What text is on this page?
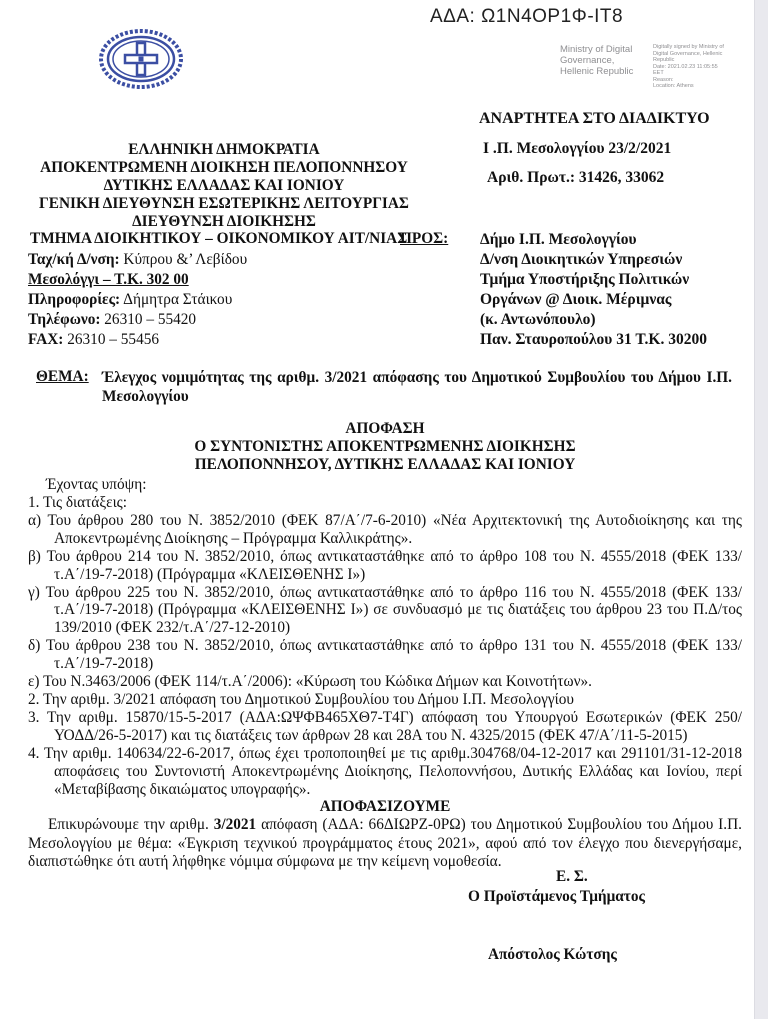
ΑΔΑ: Ω1Ν4ΟΡ1Φ-ΙΤ8
Ministry of Digital
Governance,
Hellenic Republic
Digitally signed by Ministry of
Digital Governance, Hellenic
Republic
Date: 2021.02.23 11:05:55
EET
Reason:
Location: Athens
ΑΝΑΡΤΗΤΕΑ ΣΤΟ ΔΙΑΔΙΚΤΥΟ
Ι .Π. Μεσολογγίου 23/2/2021
Αριθ. Πρωτ.: 31426, 33062
ΕΛΛΗΝΙΚΗ ΔΗΜΟΚΡΑΤΙΑ
ΑΠΟΚΕΝΤΡΩΜΕΝΗ ΔΙΟΙΚΗΣΗ ΠΕΛΟΠΟΝΝΗΣΟΥ
ΔΥΤΙΚΗΣ ΕΛΛΑΔΑΣ ΚΑΙ ΙΟΝΙΟΥ
ΓΕΝΙΚΗ ΔΙΕΥΘΥΝΣΗ ΕΣΩΤΕΡΙΚΗΣ ΛΕΙΤΟΥΡΓΙΑΣ
ΔΙΕΥΘΥΝΣΗ ΔΙΟΙΚΗΣΗΣ
ΤΜΗΜΑ ΔΙΟΙΚΗΤΙΚΟΥ – ΟΙΚΟΝΟΜΙΚΟΥ ΑΙΤ/ΝΙΑΣ
ΠΡΟΣ:
Ταχ/κή Δ/νση: Κύπρου &’ Λεβίδου
Μεσολόγγι – Τ.Κ. 302 00
Πληροφορίες: Δήμητρα Στάικου
Τηλέφωνο: 26310 – 55420
FAX: 26310 – 55456
Δήμο Ι.Π. Μεσολογγίου
Δ/νση Διοικητικών Υπηρεσιών
Τμήμα Υποστήριξης Πολιτικών
Οργάνων @ Διοικ. Μέριμνας
(κ. Αντωνόπουλο)
Παν. Σταυροπούλου 31 Τ.Κ. 30200
ΘΕΜΑ: Έλεγχος νομιμότητας της αριθμ. 3/2021 απόφασης του Δημοτικού Συμβουλίου του Δήμου Ι.Π. Μεσολογγίου
ΑΠΟΦΑΣΗ
Ο ΣΥΝΤΟΝΙΣΤΗΣ ΑΠΟΚΕΝΤΡΩΜΕΝΗΣ ΔΙΟΙΚΗΣΗΣ
ΠΕΛΟΠΟΝΝΗΣΟΥ, ΔΥΤΙΚΗΣ ΕΛΛΑΔΑΣ ΚΑΙ ΙΟΝΙΟΥ
Έχοντας υπόψη:
1. Τις διατάξεις:
α) Του άρθρου 280 του Ν. 3852/2010 (ΦΕΚ 87/Α΄/7-6-2010) «Νέα Αρχιτεκτονική της Αυτοδιοίκησης και της Αποκεντρωμένης Διοίκησης – Πρόγραμμα Καλλικράτης».
β) Του άρθρου 214 του Ν. 3852/2010, όπως αντικαταστάθηκε από το άρθρο 108 του Ν. 4555/2018 (ΦΕΚ 133/τ.Α΄/19-7-2018) (Πρόγραμμα «ΚΛΕΙΣΘΕΝΗΣ Ι»)
γ) Του άρθρου 225 του Ν. 3852/2010, όπως αντικαταστάθηκε από το άρθρο 116 του Ν. 4555/2018 (ΦΕΚ 133/τ.Α΄/19-7-2018) (Πρόγραμμα «ΚΛΕΙΣΘΕΝΗΣ Ι») σε συνδυασμό με τις διατάξεις του άρθρου 23 του Π.Δ/τος 139/2010 (ΦΕΚ 232/τ.Α΄/27-12-2010)
δ) Του άρθρου 238 του Ν. 3852/2010, όπως αντικαταστάθηκε από το άρθρο 131 του Ν. 4555/2018 (ΦΕΚ 133/τ.Α΄/19-7-2018)
ε) Του Ν.3463/2006 (ΦΕΚ 114/τ.Α΄/2006): «Κύρωση του Κώδικα Δήμων και Κοινοτήτων».
2. Την αριθμ. 3/2021 απόφαση του Δημοτικού Συμβουλίου του Δήμου Ι.Π. Μεσολογγίου
3. Την αριθμ. 15870/15-5-2017 (ΑΔΑ:ΩΨΦΒ465ΧΘ7-Τ4Γ) απόφαση του Υπουργού Εσωτερικών (ΦΕΚ 250/ΥΟΔΔ/26-5-2017) και τις διατάξεις των άρθρων 28 και 28Α του Ν. 4325/2015 (ΦΕΚ 47/Α΄/11-5-2015)
4. Την αριθμ. 140634/22-6-2017, όπως έχει τροποποιηθεί με τις αριθμ.304768/04-12-2017 και 291101/31-12-2018 αποφάσεις του Συντονιστή Αποκεντρωμένης Διοίκησης, Πελοποννήσου, Δυτικής Ελλάδας και Ιονίου, περί «Μεταβίβασης δικαιώματος υπογραφής».
ΑΠΟΦΑΣΙΖΟΥΜΕ
Επικυρώνουμε την αριθμ. 3/2021 απόφαση (ΑΔΑ: 66ΔΙΩΡΖ-0ΡΩ) του Δημοτικού Συμβουλίου του Δήμου Ι.Π. Μεσολογγίου με θέμα: «Έγκριση τεχνικού προγράμματος έτους 2021», αφού από τον έλεγχο που διενεργήσαμε, διαπιστώθηκε ότι αυτή λήφθηκε νόμιμα σύμφωνα με την κείμενη νομοθεσία.
Ε. Σ.
Ο Προϊστάμενος Τμήματος
Απόστολος Κώτσης
